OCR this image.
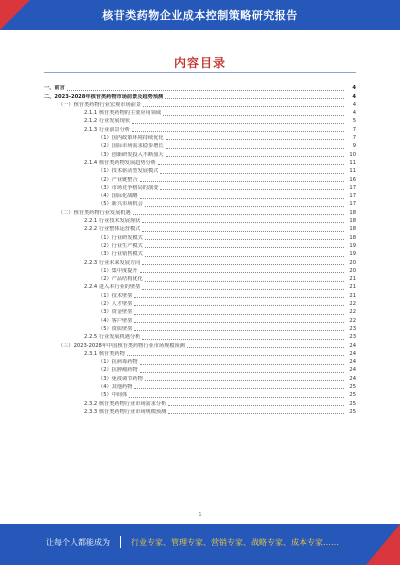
核苷类药物企业成本控制策略研究报告
内容目录
一、前言	4
二、2023-2028年核苷类药物市场前景及趋势预测	4
（一）核苷类药物行业宏观市场前景	4
2.1.1 核苷类药物的主要应用领域	4
2.1.2 行业发展现状	5
2.1.3 行业前景分析	7
（1）国内政策环境持续优化	7
（2）国际市场需求稳步增长	9
（3）创新研发投入不断加大	10
2.1.4 核苷类药物发展趋势分析	11
（1）技术驱动型发展模式	11
（2）产业链整合	16
（3）市场竞争格局的演变	17
（4）国际化战略	17
（5）新兴市场机会	17
（二）核苷类药物行业发展机遇	18
2.2.1 行业技术发展现状	18
2.2.2 行业整体运营模式	18
（1）行业研发模式	18
（2）行业生产模式	19
（3）行业销售模式	19
2.2.3 行业未来发展方向	20
（1）集中度提升	20
（2）产品结构优化	21
2.2.4 进入本行业的壁垒	21
（1）技术壁垒	21
（2）人才壁垒	22
（3）资金壁垒	22
（4）客户壁垒	22
（5）资质壁垒	23
2.2.5 行业发展机遇分析	23
（三）2023-2028年中国核苷类药物行业市场规模预测	24
2.3.1 核苷类药物	24
（1）抗病毒药物	24
（2）抗肿瘤药物	24
（3）免疫调节药物	24
（4）其他药物	25
（5）中间体	25
2.3.2 核苷类药物行业市场需求分析	25
2.3.3 核苷类药物行业市场规模预测	25
1
让每个人都能成为	行业专家、管理专家、营销专家、战略专家、成本专家……
